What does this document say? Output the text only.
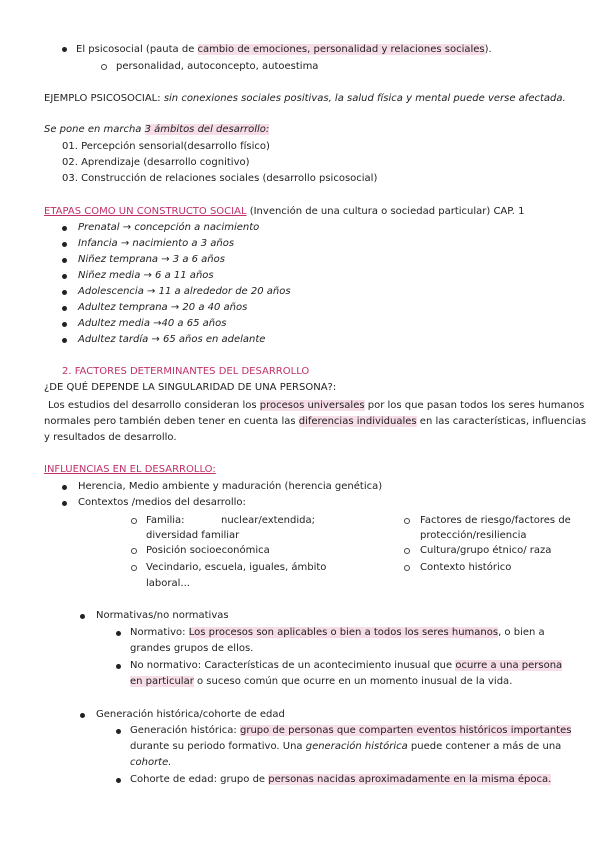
El psicosocial (pauta de cambio de emociones, personalidad y relaciones sociales).
personalidad, autoconcepto, autoestima
EJEMPLO PSICOSOCIAL: sin conexiones sociales positivas, la salud física y mental puede verse afectada.
Se pone en marcha 3 ámbitos del desarrollo:
01. Percepción sensorial(desarrollo físico)
02. Aprendizaje (desarrollo cognitivo)
03. Construcción de relaciones sociales (desarrollo psicosocial)
ETAPAS COMO UN CONSTRUCTO SOCIAL (Invención de una cultura o sociedad particular) CAP. 1
Prenatal → concepción a nacimiento
Infancia → nacimiento a 3 años
Niñez temprana → 3 a 6 años
Niñez media → 6 a 11 años
Adolescencia → 11 a alrededor de 20 años
Adultez temprana → 20 a 40 años
Adultez media →40 a 65 años
Adultez tardía → 65 años en adelante
2. FACTORES DETERMINANTES DEL DESARROLLO
¿DE QUÉ DEPENDE LA SINGULARIDAD DE UNA PERSONA?:
Los estudios del desarrollo consideran los procesos universales por los que pasan todos los seres humanos
normales pero también deben tener en cuenta las diferencias individuales en las características, influencias
y resultados de desarrollo.
INFLUENCIAS EN EL DESARROLLO:
Herencia, Medio ambiente y maduración (herencia genética)
Contextos /medios del desarrollo:
Familia:	nuclear/extendida;
diversidad familiar
Posición socioeconómica
Vecindario, escuela, iguales, ámbito
laboral...
Factores de riesgo/factores de
protección/resiliencia
Cultura/grupo étnico/ raza
Contexto histórico
Normativas/no normativas
Normativo: Los procesos son aplicables o bien a todos los seres humanos, o bien a
grandes grupos de ellos.
No normativo: Características de un acontecimiento inusual que ocurre a una persona
en particular o suceso común que ocurre en un momento inusual de la vida.
Generación histórica/cohorte de edad
Generación histórica: grupo de personas que comparten eventos históricos importantes
durante su periodo formativo. Una generación histórica puede contener a más de una
cohorte.
Cohorte de edad: grupo de personas nacidas aproximadamente en la misma época.
